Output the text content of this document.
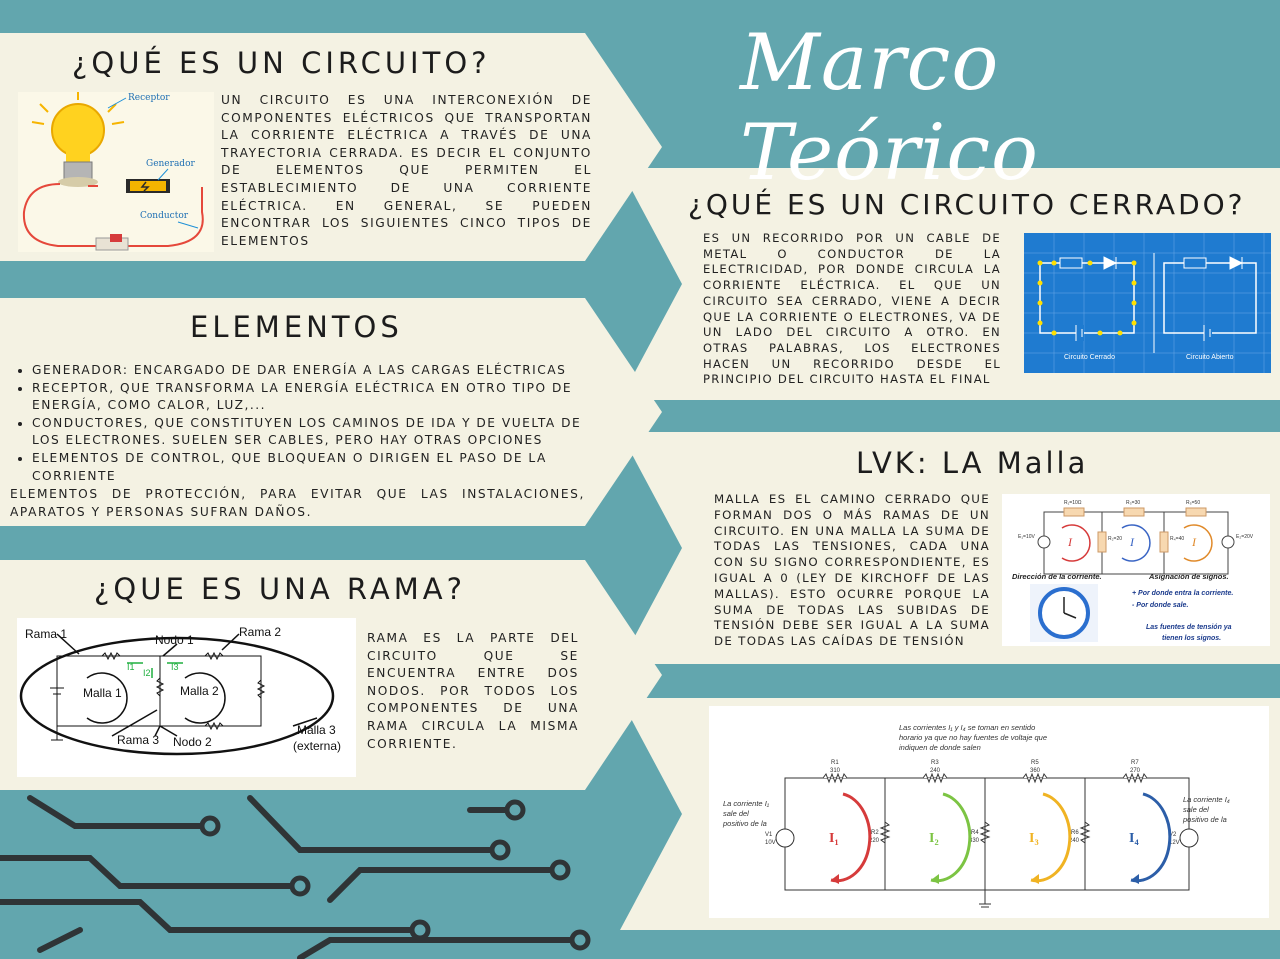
Marco Teórico
¿QUÉ ES UN CIRCUITO?
Receptor
Generador
Conductor

UN CIRCUITO ES UNA INTERCONEXIÓN DE COMPONENTES ELÉCTRICOS QUE TRANSPORTAN LA CORRIENTE ELÉCTRICA A TRAVÉS DE UNA TRAYECTORIA CERRADA. ES DECIR EL CONJUNTO DE ELEMENTOS QUE PERMITEN EL ESTABLECIMIENTO DE UNA CORRIENTE ELÉCTRICA. EN GENERAL, SE PUEDEN ENCONTRAR LOS SIGUIENTES CINCO TIPOS DE ELEMENTOS

ELEMENTOS
• GENERADOR: ENCARGADO DE DAR ENERGÍA A LAS CARGAS ELÉCTRICAS
• RECEPTOR, QUE TRANSFORMA LA ENERGÍA ELÉCTRICA EN OTRO TIPO DE ENERGÍA, COMO CALOR, LUZ,...
• CONDUCTORES, QUE CONSTITUYEN LOS CAMINOS DE IDA Y DE VUELTA DE LOS ELECTRONES. SUELEN SER CABLES, PERO HAY OTRAS OPCIONES
• ELEMENTOS DE CONTROL, QUE BLOQUEAN O DIRIGEN EL PASO DE LA CORRIENTE

ELEMENTOS DE PROTECCIÓN, PARA EVITAR QUE LAS INSTALACIONES, APARATOS Y PERSONAS SUFRAN DAÑOS.

¿QUE ES UNA RAMA?
Rama 1	Nodo 1
Rama 2
Malla 1	Malla 2
Rama 3 Nodo 2
Malla 3
(externa)
I1
I2
I3

RAMA ES LA PARTE DEL CIRCUITO QUE SE ENCUENTRA ENTRE DOS NODOS. POR TODOS LOS COMPONENTES DE UNA RAMA CIRCULA LA MISMA CORRIENTE.

¿QUÉ ES UN CIRCUITO CERRADO?

ES UN RECORRIDO POR UN CABLE DE METAL O CONDUCTOR DE LA ELECTRICIDAD, POR DONDE CIRCULA LA CORRIENTE ELÉCTRICA. EL QUE UN CIRCUITO SEA CERRADO, VIENE A DECIR QUE LA CORRIENTE O ELECTRONES, VA DE UN LADO DEL CIRCUITO A OTRO. EN OTRAS PALABRAS, LOS ELECTRONES HACEN UN RECORRIDO DESDE EL PRINCIPIO DEL CIRCUITO HASTA EL FINAL

Circuito Cerrado	Circuito Abierto
LVK: LA Malla

MALLA ES EL CAMINO CERRADO QUE FORMAN DOS O MÁS RAMAS DE UN CIRCUITO. EN UNA MALLA LA SUMA DE TODAS LAS TENSIONES, CADA UNA CON SU SIGNO CORRESPONDIENTE, ES IGUAL A 0 (LEY DE KIRCHOFF DE LAS MALLAS). ESTO OCURRE PORQUE LA SUMA DE TODAS LAS SUBIDAS DE TENSIÓN DEBE SER IGUAL A LA SUMA DE TODAS LAS CAÍDAS DE TENSIÓN

R₁=10Ω	R₃=30	R₅=50
E₁=10V	R₂=20	R₄=40	E₂=20V
I	I	I
Dirección de la corriente.	Asignación de signos.
+ Por donde entra la corriente.
- Por donde sale.
Las fuentes de tensión ya
tienen los signos.
Las corrientes I₁ y I₄ se toman en sentido horario ya que no hay fuentes de voltaje que indiquen de donde salen
R1
310
R3
240
R5
360
R7
270
R2
220
R4
330
R6
240
V1
10V
V2
12V
I₁	I₂	I₃	I₄
La corriente I₁ sale del positivo de la
La corriente I₄ sale del positivo de la
